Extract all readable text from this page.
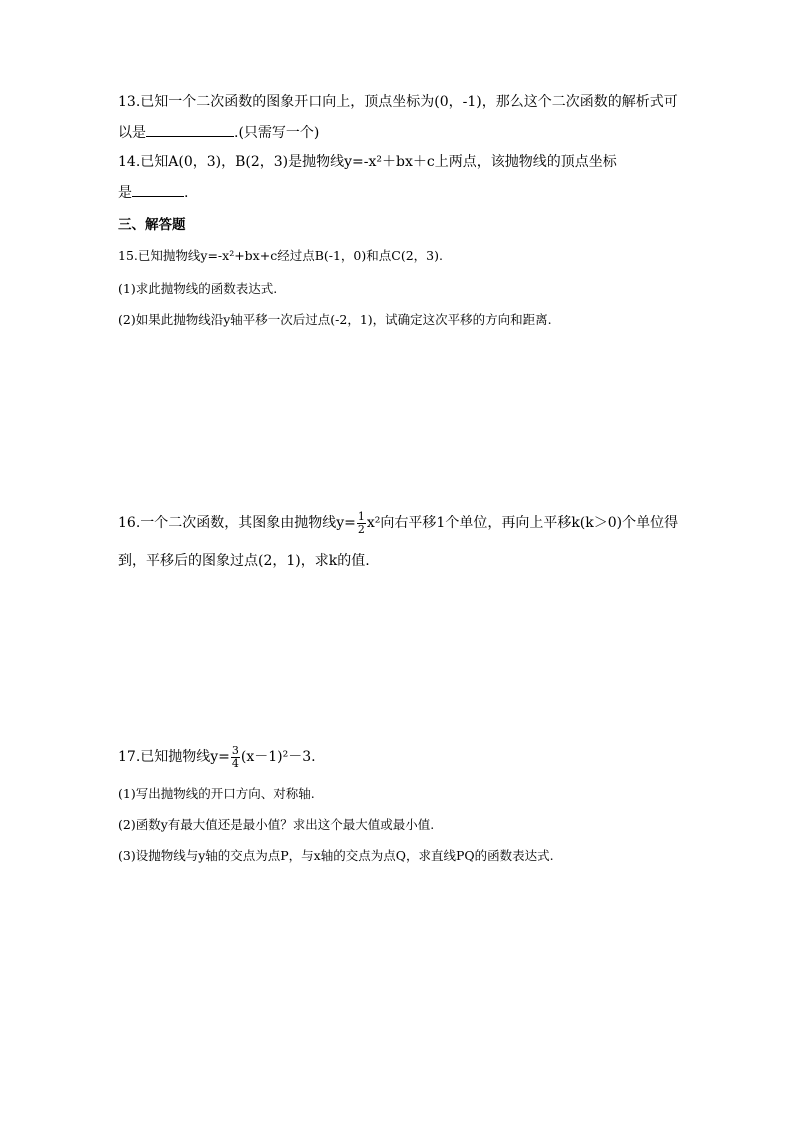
13.已知一个二次函数的图象开口向上，顶点坐标为(0，-1)，那么这个二次函数的解析式可
以是	.(只需写一个)
14.已知A(0，3)，B(2，3)是抛物线y=-x²＋bx＋c上两点，该抛物线的顶点坐标
是	.
三、解答题
15.已知抛物线y=-x²+bx+c经过点B(-1，0)和点C(2，3).
(1)求此抛物线的函数表达式.
(2)如果此抛物线沿y轴平移一次后过点(-2，1)，试确定这次平移的方向和距离.
16.一个二次函数，其图象由抛物线$y= \frac{1}{2} x^2$向右平移1个单位，再向上平移k(k＞0)个单位得
到，平移后的图象过点(2，1)，求k的值.
17.已知抛物线$y= \frac{3}{4} (x-1)^2-3$.
(1)写出抛物线的开口方向、对称轴.
(2)函数y有最大值还是最小值？求出这个最大值或最小值.
(3)设抛物线与y轴的交点为点P，与x轴的交点为点Q，求直线PQ的函数表达式.
